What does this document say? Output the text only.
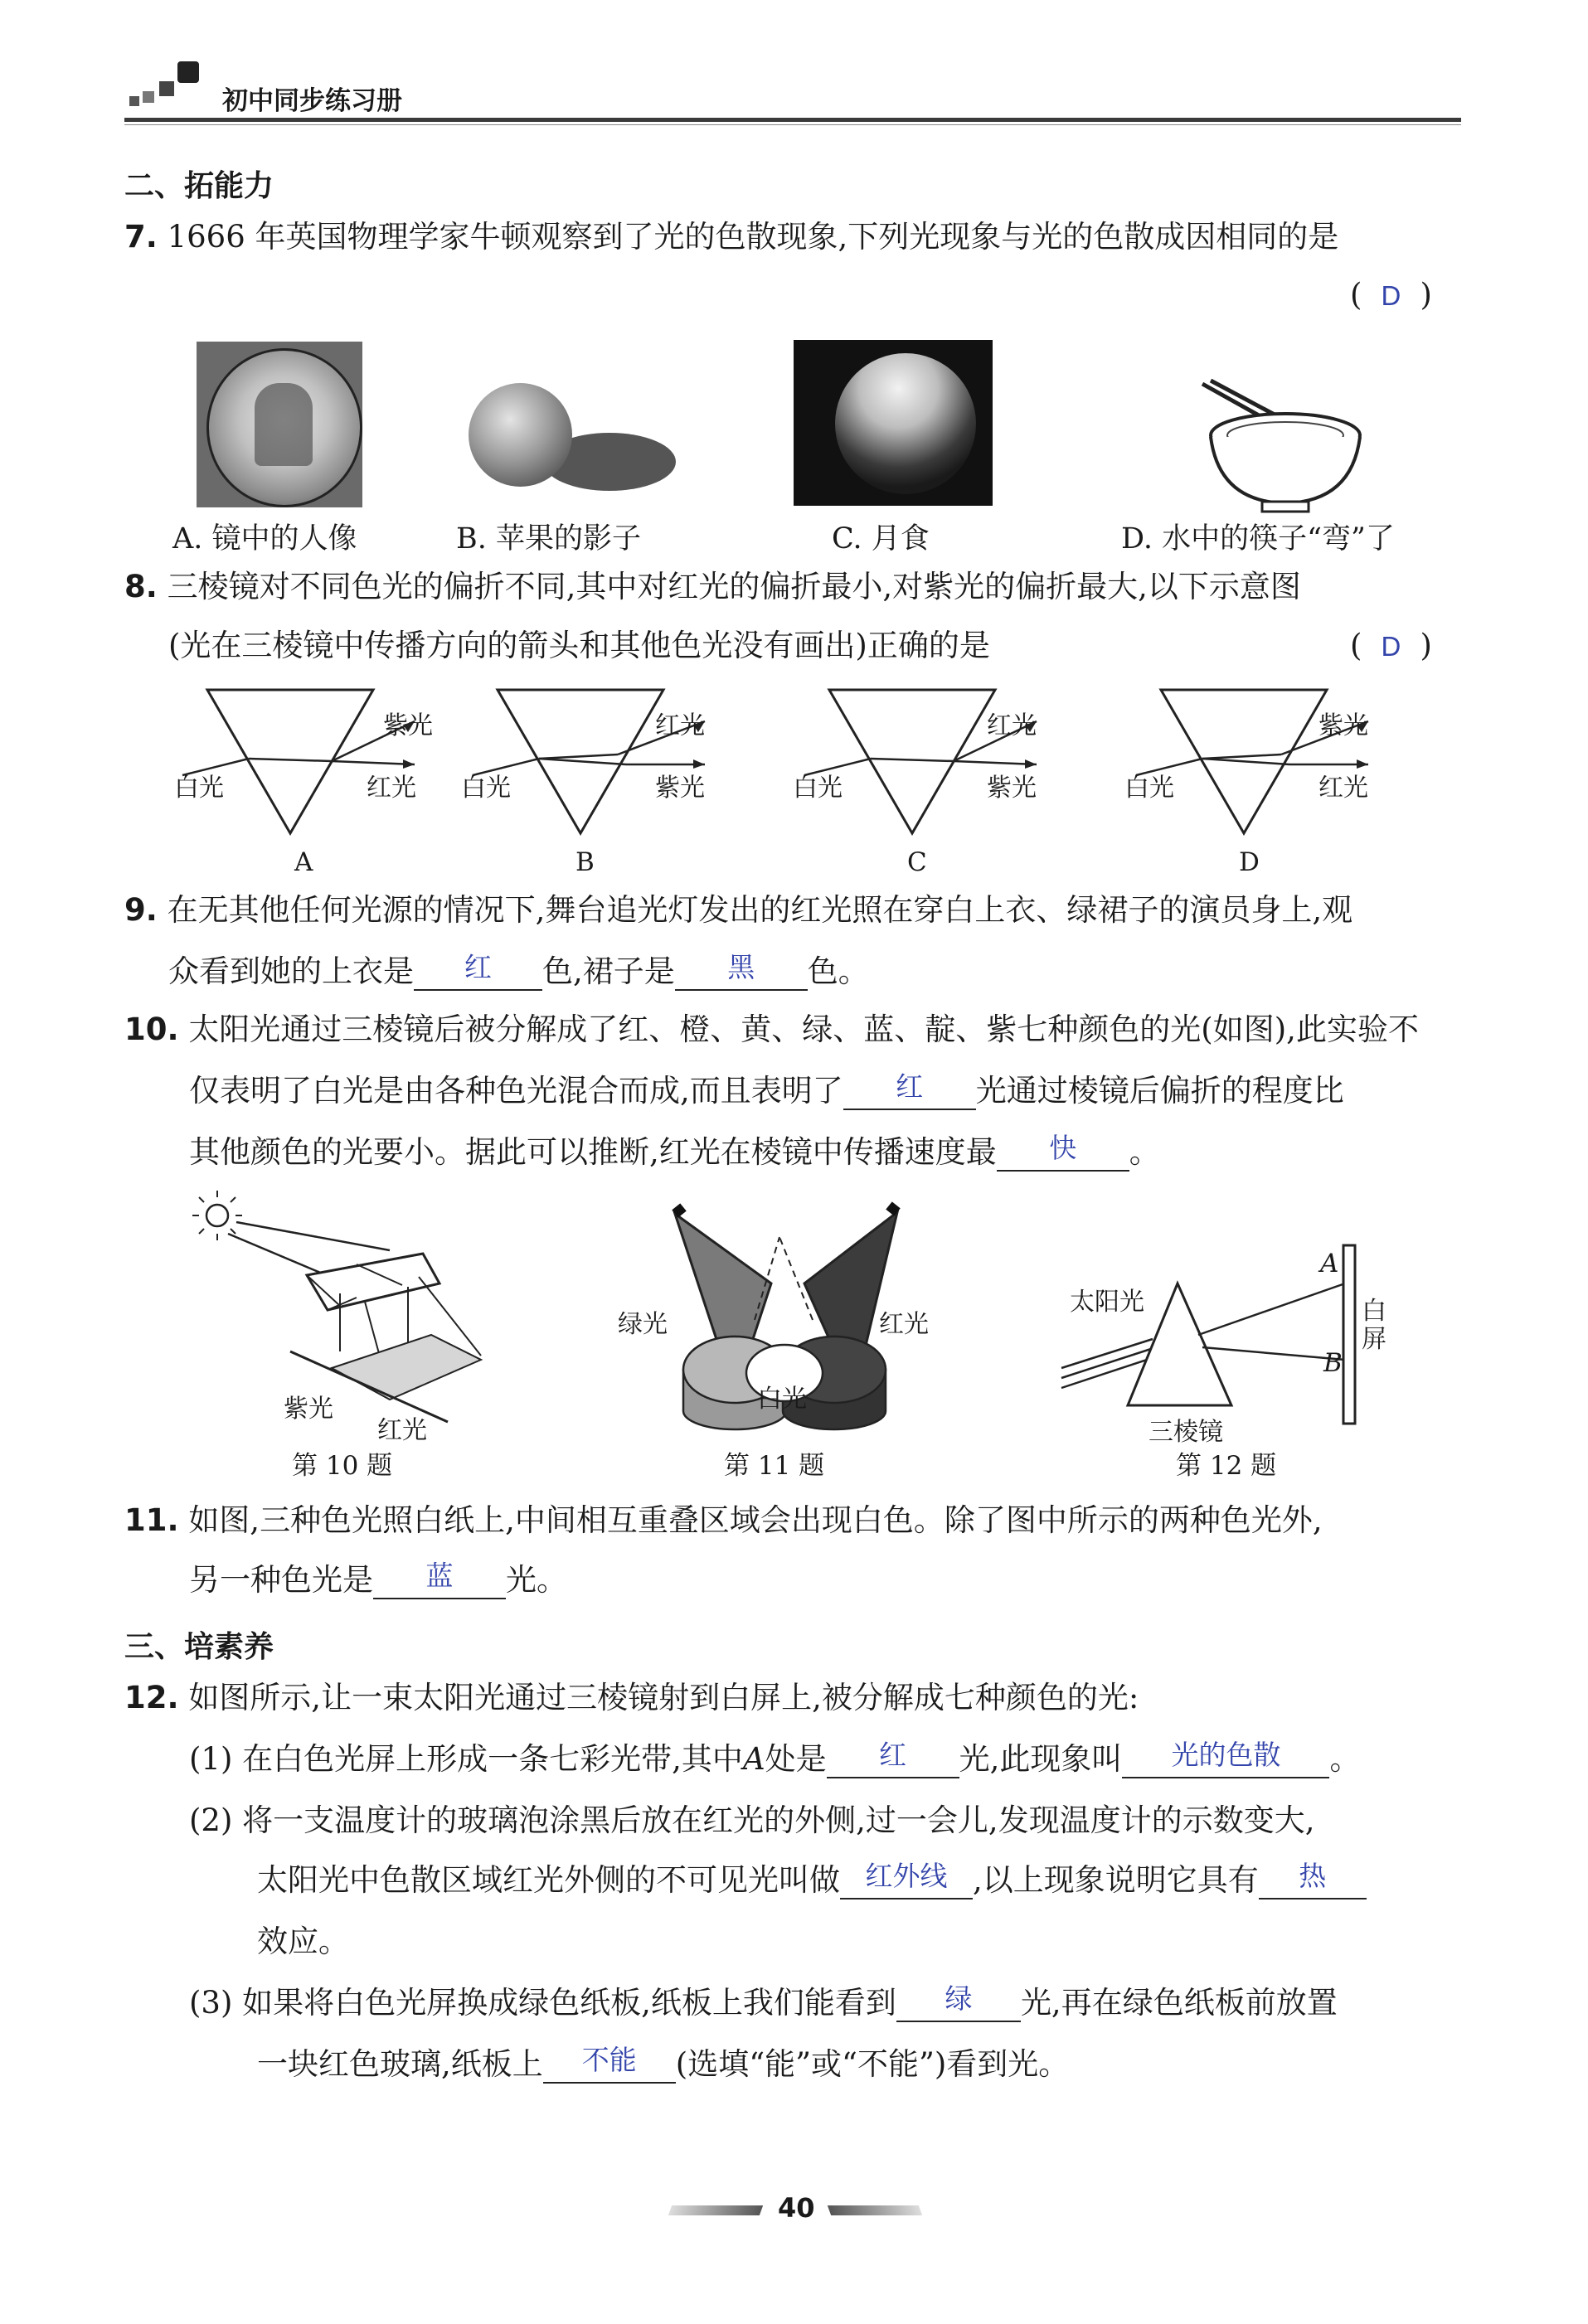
初中同步练习册
二、拓能力
7. 1666 年英国物理学家牛顿观察到了光的色散现象,下列光现象与光的色散成因相同的是
( D )
A. 镜中的人像	B. 苹果的影子	C. 月食	D. 水中的筷子“弯”了
8. 三棱镜对不同色光的偏折不同,其中对红光的偏折最小,对紫光的偏折最大,以下示意图
(光在三棱镜中传播方向的箭头和其他色光没有画出)正确的是	( D )
白光
紫光
红光
A
白光
红光
紫光
B
白光
红光
紫光
C
白光
紫光
红光
D
9. 在无其他任何光源的情况下,舞台追光灯发出的红光照在穿白上衣、绿裙子的演员身上,观
众看到她的上衣是 红 色,裙子是 黑 色。
10. 太阳光通过三棱镜后被分解成了红、橙、黄、绿、蓝、靛、紫七种颜色的光(如图),此实验不
仅表明了白光是由各种色光混合而成,而且表明了 红 光通过棱镜后偏折的程度比
其他颜色的光要小。据此可以推断,红光在棱镜中传播速度最 快 。
紫光
红光
第 10 题
绿光	红光
白光
第 11 题
太阳光
三棱镜
A
B
白屏
第 12 题
11. 如图,三种色光照白纸上,中间相互重叠区域会出现白色。除了图中所示的两种色光外,
另一种色光是 蓝 光。
三、培素养
12. 如图所示,让一束太阳光通过三棱镜射到白屏上,被分解成七种颜色的光:
(1) 在白色光屏上形成一条七彩光带,其中A处是 红 光,此现象叫 光的色散 。
(2) 将一支温度计的玻璃泡涂黑后放在红光的外侧,过一会儿,发现温度计的示数变大,
太阳光中色散区域红光外侧的不可见光叫做 红外线 ,以上现象说明它具有 热
效应。
(3) 如果将白色光屏换成绿色纸板,纸板上我们能看到 绿 光,再在绿色纸板前放置
一块红色玻璃,纸板上 不能 (选填“能”或“不能”)看到光。
40
